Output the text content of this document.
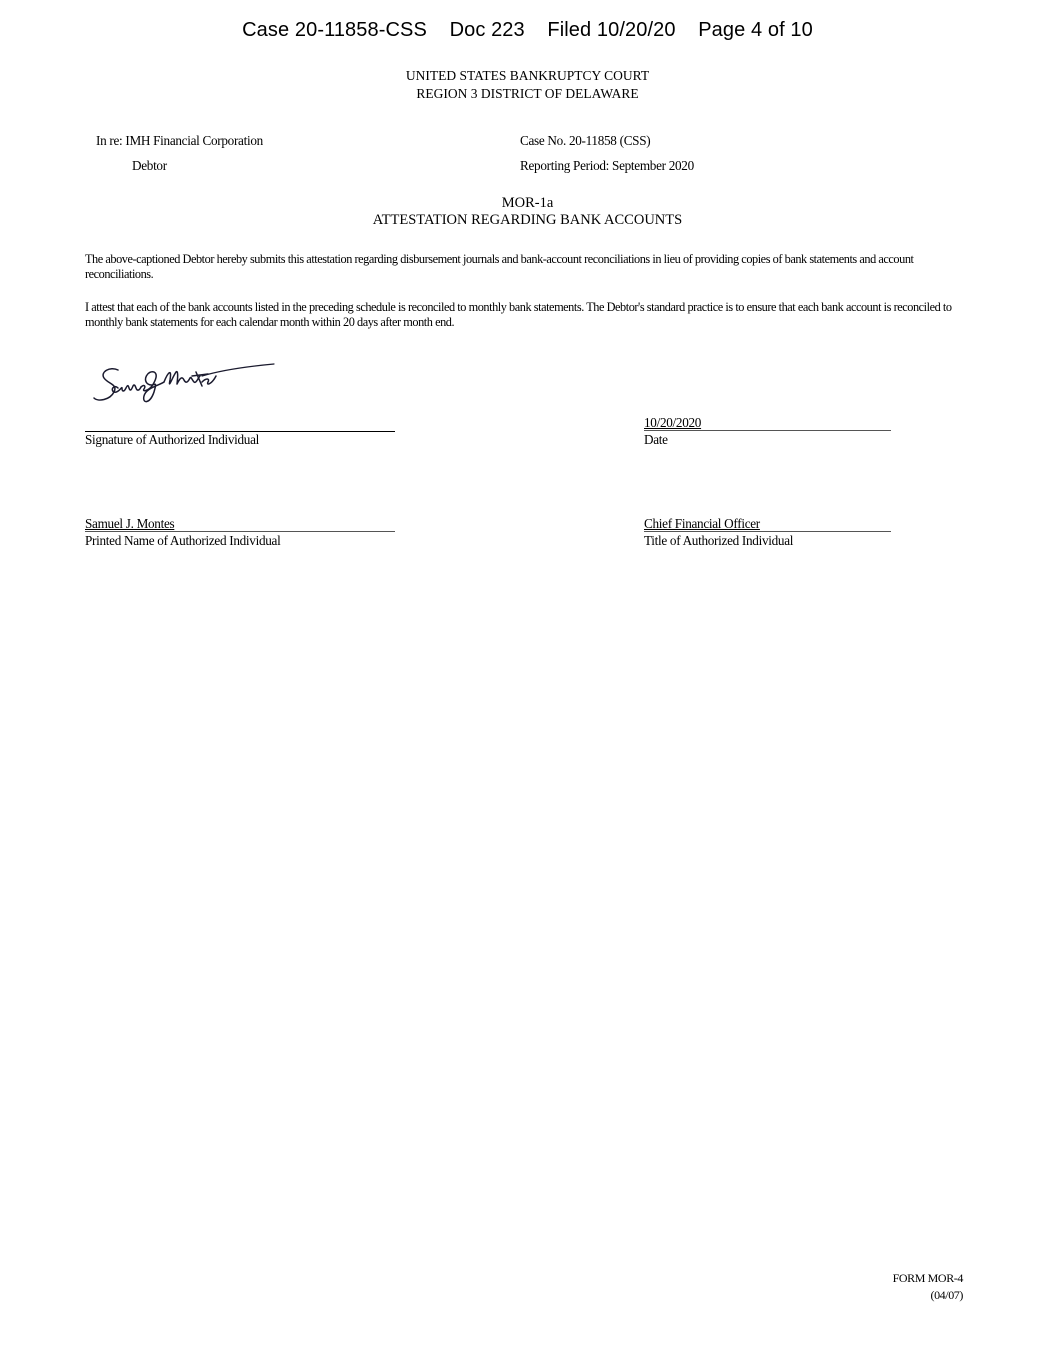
Case 20-11858-CSS Doc 223 Filed 10/20/20 Page 4 of 10
UNITED STATES BANKRUPTCY COURT
REGION 3 DISTRICT OF DELAWARE
In re: IMH Financial Corporation
Debtor
Case No. 20-11858 (CSS)
Reporting Period: September 2020
MOR-1a
ATTESTATION REGARDING BANK ACCOUNTS
The above-captioned Debtor hereby submits this attestation regarding disbursement journals and bank-account reconciliations in lieu of providing copies of bank statements and account reconciliations.
I attest that each of the bank accounts listed in the preceding schedule is reconciled to monthly bank statements. The Debtor's standard practice is to ensure that each bank account is reconciled to monthly bank statements for each calendar month within 20 days after month end.
Signature of Authorized Individual
10/20/2020
Date
Samuel J. Montes
Printed Name of Authorized Individual
Chief Financial Officer
Title of Authorized Individual
FORM MOR-4
(04/07)
